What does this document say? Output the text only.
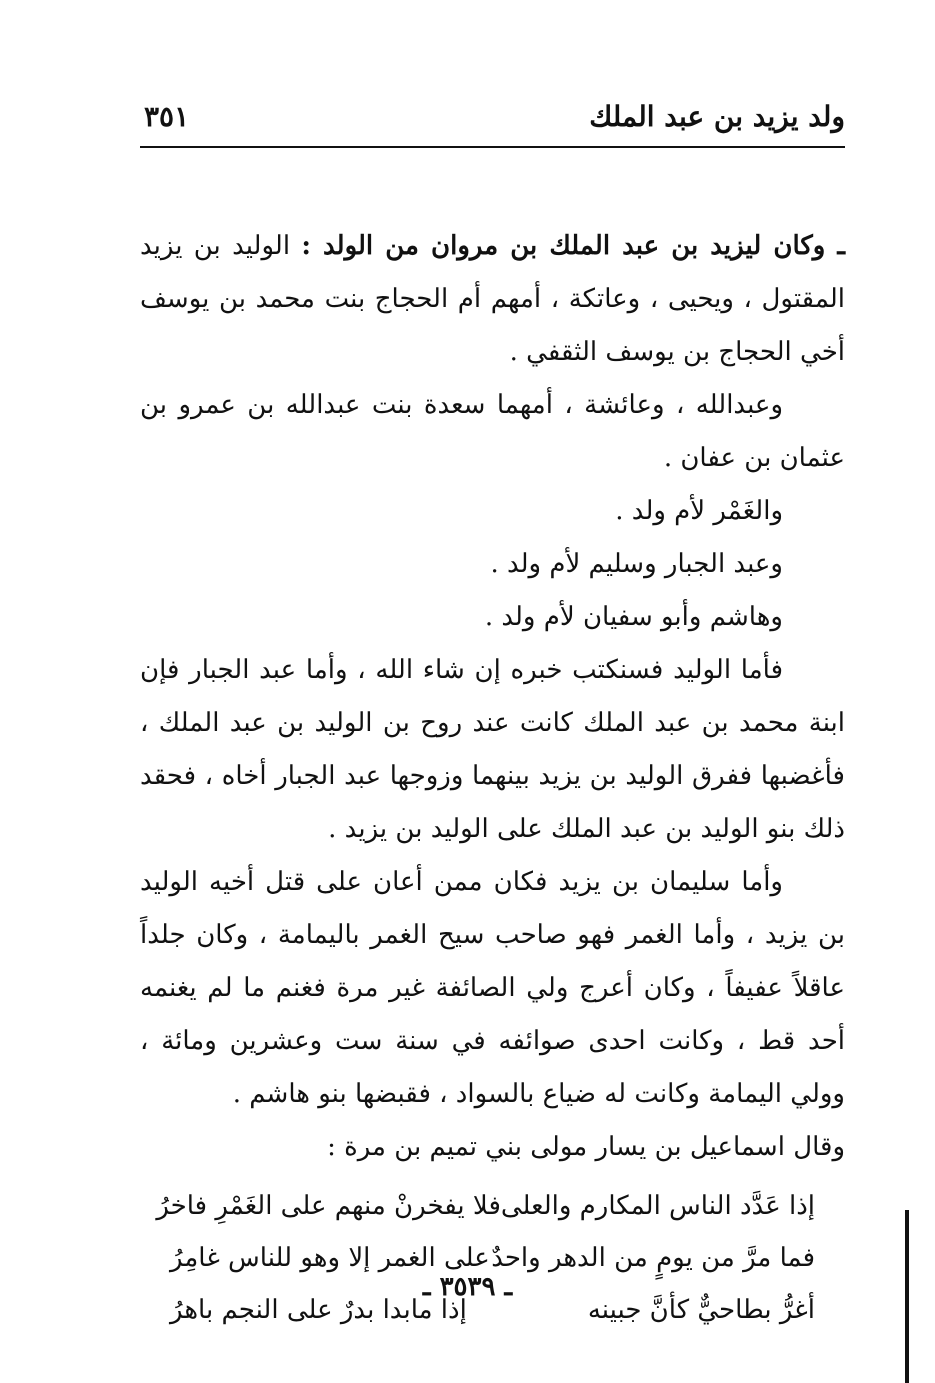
ولد يزيد بن عبد الملك
٣٥١

ـ وكان ليزيد بن عبد الملك بن مروان من الولد : الوليد بن يزيد المقتول ، ويحيى ، وعاتكة ، أمهم أم الحجاج بنت محمد بن يوسف أخي الحجاج بن يوسف الثقفي .

وعبدالله ، وعائشة ، أمهما سعدة بنت عبدالله بن عمرو بن عثمان بن عفان .

والغَمْر لأم ولد .

وعبد الجبار وسليم لأم ولد .

وهاشم وأبو سفيان لأم ولد .

فأما الوليد فسنكتب خبره إن شاء الله ، وأما عبد الجبار فإن ابنة محمد بن عبد الملك كانت عند روح بن الوليد بن عبد الملك ، فأغضبها ففرق الوليد بن يزيد بينهما وزوجها عبد الجبار أخاه ، فحقد ذلك بنو الوليد بن عبد الملك على الوليد بن يزيد .

وأما سليمان بن يزيد فكان ممن أعان على قتل أخيه الوليد بن يزيد ، وأما الغمر فهو صاحب سيح الغمر باليمامة ، وكان جلداً عاقلاً عفيفاً ، وكان أعرج ولي الصائفة غير مرة فغنم ما لم يغنمه أحد قط ، وكانت احدى صوائفه في سنة ست وعشرين ومائة ، وولي اليمامة وكانت له ضياع بالسواد ، فقبضها بنو هاشم .

وقال اسماعيل بن يسار مولى بني تميم بن مرة :

إذا عَدَّد الناس المكارم والعلى
فلا يفخرنْ منهم على الغَمْرِ فاخرُ
فما مرَّ من يومٍ من الدهر واحدٌ
على الغمر إلا وهو للناس غامِرُ
أغرُّ بطاحيٌّ كأنَّ جبينه
إذا مابدا بدرٌ على النجم باهرُ
ـ ٣٥٣٩ ـ
